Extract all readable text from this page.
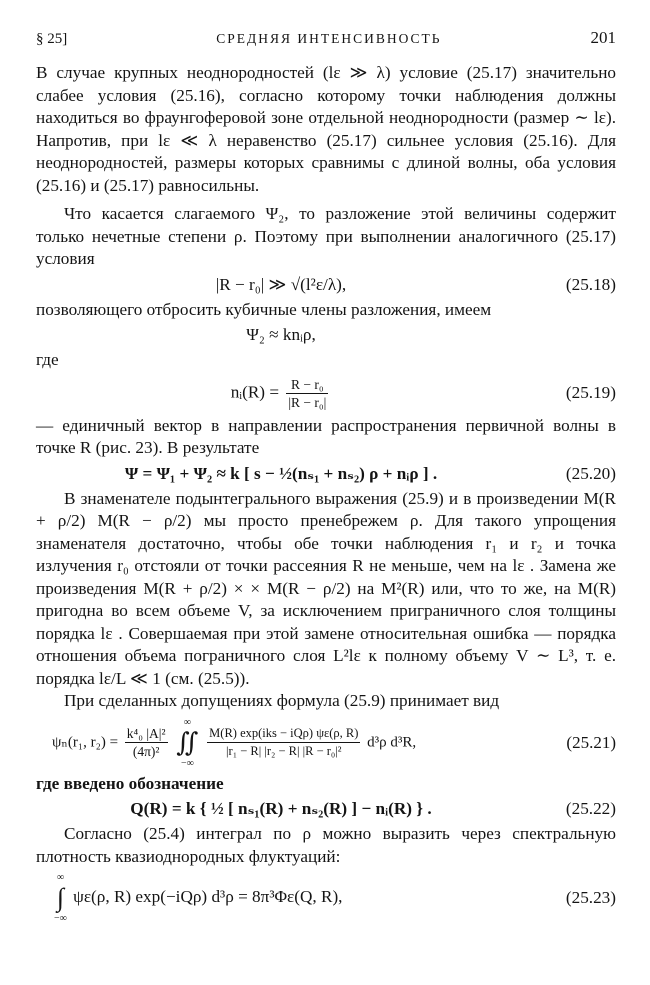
§ 25]	СРЕДНЯЯ ИНТЕНСИВНОСТЬ	201

В случае крупных неоднородностей (lε ≫ λ) условие (25.17) значительно слабее условия (25.16), согласно которому точки наблюдения должны находиться во фраунгоферовой зоне отдельной неоднородности (размер ∼ lε). Напротив, при lε ≪ λ неравенство (25.17) сильнее условия (25.16). Для неоднородностей, размеры которых сравнимы с длиной волны, оба условия (25.16) и (25.17) равносильны.

Что касается слагаемого Ψ₂, то разложение этой величины содержит только нечетные степени ρ. Поэтому при выполнении аналогичного (25.17) условия

|R − r₀| ≫ √(l²ε/λ),	(25.18)

позволяющего отбросить кубичные члены разложения, имеем

Ψ₂ ≈ knᵢρ,

где

nᵢ(R) = $\frac{\text{R − r₀}}{\text{|R − r₀|}}$	(25.19)

— единичный вектор в направлении распространения первичной волны в точке R (рис. 23). В результате

Ψ = Ψ₁ + Ψ₂ ≈ k [ s − ½(nₛ₁ + nₛ₂) ρ + nᵢρ ] .	(25.20)

В знаменателе подынтегрального выражения (25.9) и в произведении M(R + ρ/2) M(R − ρ/2) мы просто пренебрежем ρ. Для такого упрощения знаменателя достаточно, чтобы обе точки наблюдения r₁ и r₂ и точка излучения r₀ отстояли от точки рассеяния R не меньше, чем на lε . Замена же произведения M(R + ρ/2) × × M(R − ρ/2) на M²(R) или, что то же, на M(R) пригодна во всем объеме V, за исключением приграничного слоя толщины порядка lε . Совершаемая при этой замене относительная ошибка — порядка отношения объема пограничного слоя L²lε к полному объему V ∼ L³, т. е. порядка lε/L ≪ 1 (см. (25.5)).

При сделанных допущениях формула (25.9) принимает вид

ψₙ(r₁, $r_2) = \frac{\text{k⁴₀ |A|²}}{\text{(4π)²}}$

∞
∬
−∞

$\frac{\text{M(R) exp(iks − iQρ) ψε(ρ, R)}}{\text{|r₁ − R| |r₂ − R| |R − r₀|²}} d^3\rho$ d³R,	(25.21)

где введено обозначение

Q(R) = k { ½ [ nₛ₁(R) + nₛ₂(R) ] − nᵢ(R) } .	(25.22)

Согласно (25.4) интеграл по ρ можно выразить через спектральную плотность квазиоднородных флуктуаций:

∞
∫
−∞
ψε(ρ, R) exp(−iQρ) d³ρ = 8π³Φε(Q, R),	(25.23)
